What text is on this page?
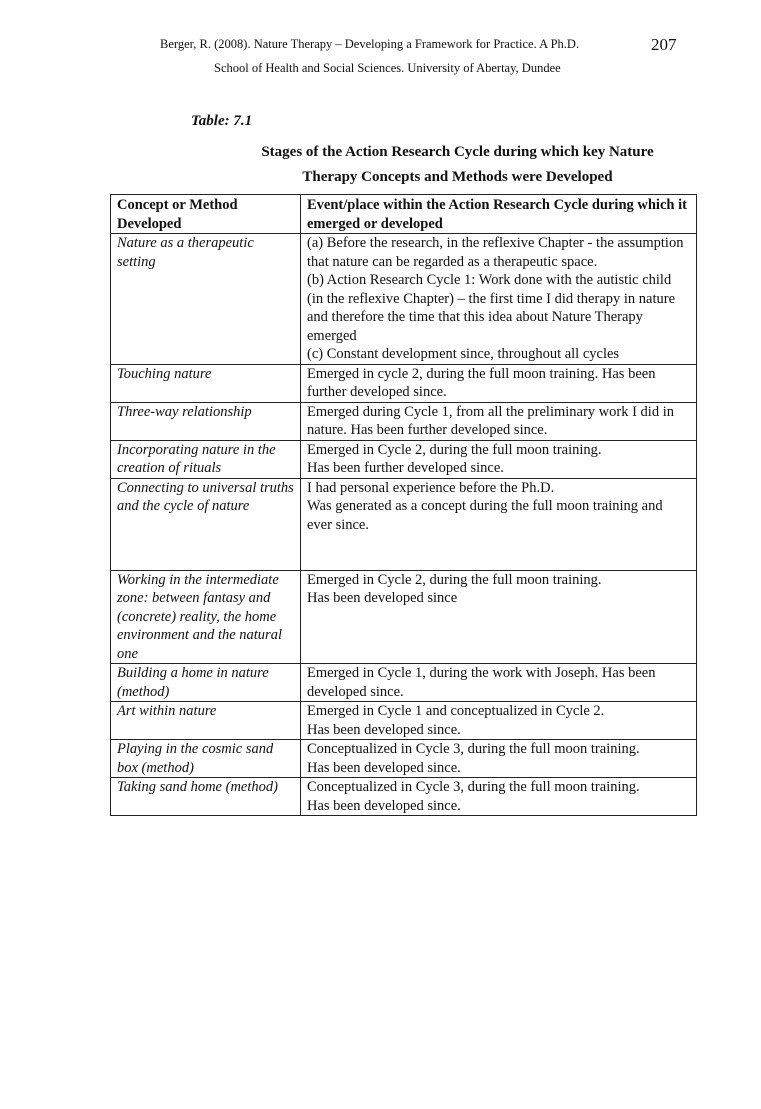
Berger, R. (2008). Nature Therapy – Developing a Framework for Practice. A Ph.D.	207
School of Health and Social Sciences. University of Abertay, Dundee
Table: 7.1
Stages of the Action Research Cycle during which key Nature
Therapy Concepts and Methods were Developed
Concept or Method Developed	Event/place within the Action Research Cycle during which it emerged or developed
Nature as a therapeutic setting	(a) Before the research, in the reflexive Chapter - the assumption that nature can be regarded as a therapeutic space.
(b) Action Research Cycle 1: Work done with the autistic child (in the reflexive Chapter) – the first time I did therapy in nature and therefore the time that this idea about Nature Therapy emerged
(c) Constant development since, throughout all cycles

Touching nature	Emerged in cycle 2, during the full moon training. Has been further developed since.

Three-way relationship	Emerged during Cycle 1, from all the preliminary work I did in nature. Has been further developed since.

Incorporating nature in the creation of rituals	Emerged in Cycle 2, during the full moon training.
Has been further developed since.

Connecting to universal truths and the cycle of nature	I had personal experience before the Ph.D.
Was generated as a concept during the full moon training and ever since.

Working in the intermediate zone: between fantasy and (concrete) reality, the home environment and the natural one	Emerged in Cycle 2, during the full moon training.
Has been developed since

Building a home in nature (method)	Emerged in Cycle 1, during the work with Joseph. Has been developed since.

Art within nature	Emerged in Cycle 1 and conceptualized in Cycle 2.
Has been developed since.

Playing in the cosmic sand box (method)	Conceptualized in Cycle 3, during the full moon training.
Has been developed since.

Taking sand home (method)	Conceptualized in Cycle 3, during the full moon training.
Has been developed since.
